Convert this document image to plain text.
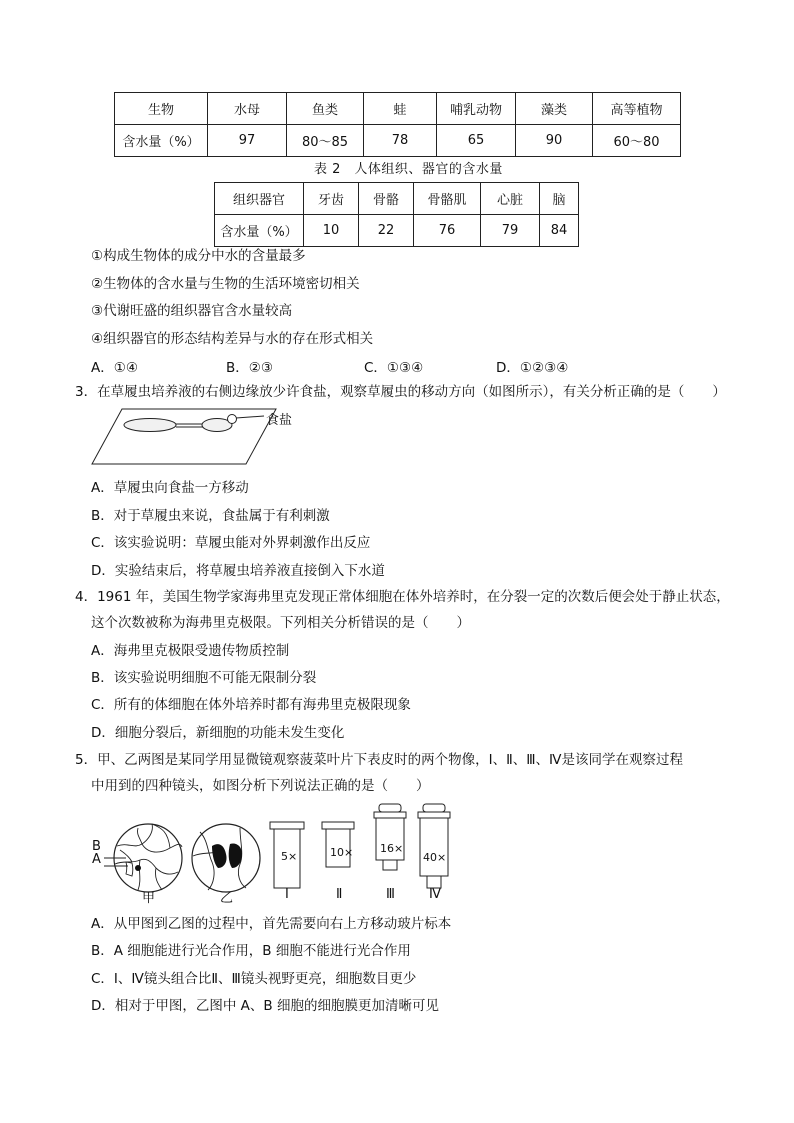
生物	水母	鱼类	蛙	哺乳动物	藻类	高等植物
含水量（%）	97	80～85	78	65	90	60～80
表 2　人体组织、器官的含水量
组织器官	牙齿	骨骼	骨骼肌	心脏	脑
含水量（%）	10	22	76	79	84
①构成生物体的成分中水的含量最多
②生物体的含水量与生物的生活环境密切相关
③代谢旺盛的组织器官含水量较高
④组织器官的形态结构差异与水的存在形式相关
A．①④	B．②③	C．①③④	D．①②③④
3．在草履虫培养液的右侧边缘放少许食盐，观察草履虫的移动方向（如图所示），有关分析正确的是（ ）
食盐
A．草履虫向食盐一方移动
B．对于草履虫来说，食盐属于有利刺激
C．该实验说明：草履虫能对外界刺激作出反应
D．实验结束后，将草履虫培养液直接倒入下水道
4．1961 年，美国生物学家海弗里克发现正常体细胞在体外培养时，在分裂一定的次数后便会处于静止状态，
这个次数被称为海弗里克极限。下列相关分析错误的是（ ）
A．海弗里克极限受遗传物质控制
B．该实验说明细胞不可能无限制分裂
C．所有的体细胞在体外培养时都有海弗里克极限现象
D．细胞分裂后，新细胞的功能未发生变化
5．甲、乙两图是某同学用显微镜观察菠菜叶片下表皮时的两个物像，Ⅰ、Ⅱ、Ⅲ、Ⅳ是该同学在观察过程
中用到的四种镜头，如图分析下列说法正确的是（ ）
B
A	5×	10× 16×
40×
甲	乙	Ⅰ	Ⅱ	Ⅲ	Ⅳ
A．从甲图到乙图的过程中，首先需要向右上方移动玻片标本
B．A 细胞能进行光合作用，B 细胞不能进行光合作用
C．Ⅰ、Ⅳ镜头组合比Ⅱ、Ⅲ镜头视野更亮，细胞数目更少
D．相对于甲图，乙图中 A、B 细胞的细胞膜更加清晰可见
